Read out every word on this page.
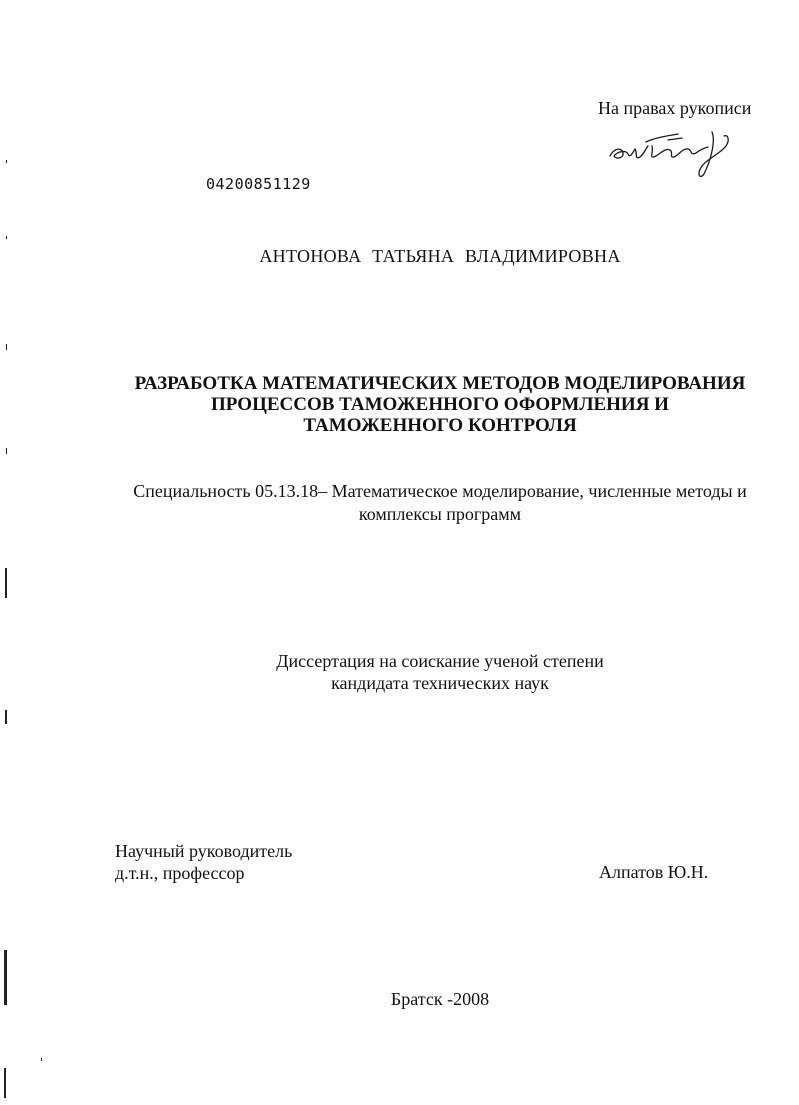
На правах рукописи
04200851129
АНТОНОВА ТАТЬЯНА ВЛАДИМИРОВНА
РАЗРАБОТКА МАТЕМАТИЧЕСКИХ МЕТОДОВ МОДЕЛИРОВАНИЯ
ПРОЦЕССОВ ТАМОЖЕННОГО ОФОРМЛЕНИЯ И
ТАМОЖЕННОГО КОНТРОЛЯ
Специальность 05.13.18– Математическое моделирование, численные методы и
комплексы программ
Диссертация на соискание ученой степени
кандидата технических наук
Научный руководитель
д.т.н., профессор	Алпатов Ю.Н.
Братск -2008
